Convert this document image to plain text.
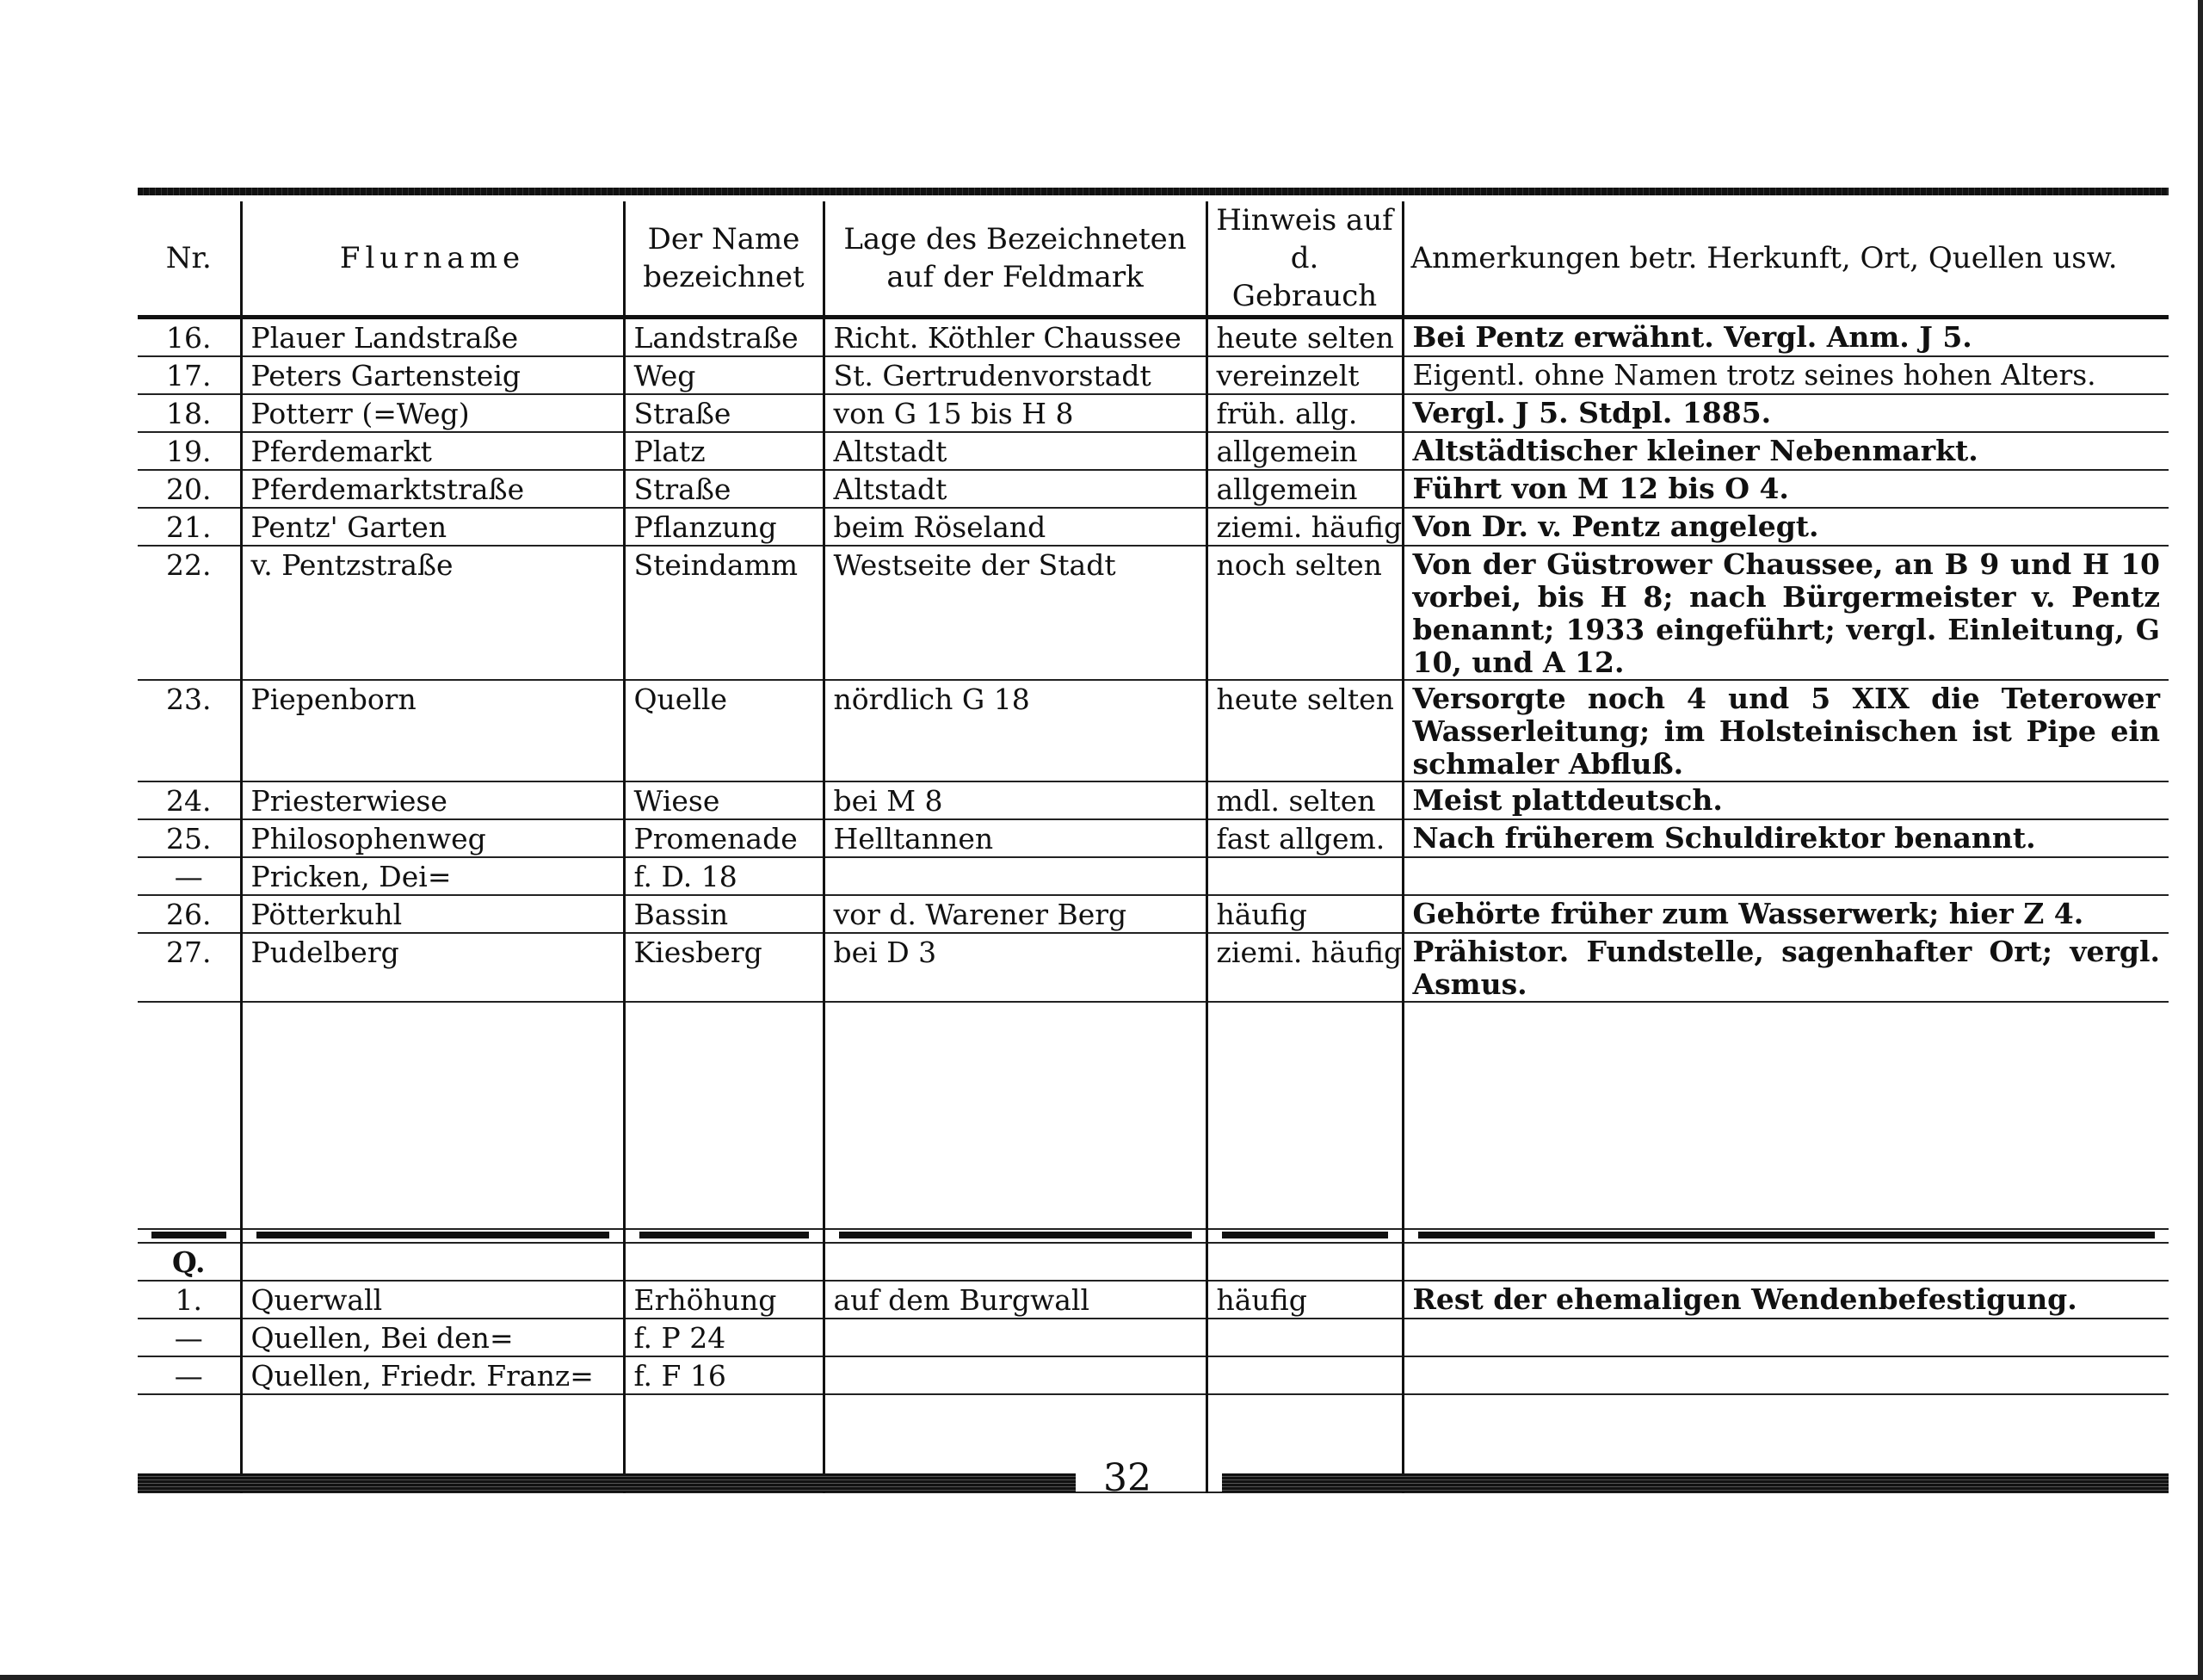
Nr.	Flurname	Der Name bezeichnet	Lage des Bezeichneten auf der Feldmark	Hinweis auf d. Gebrauch	Anmerkungen betr. Herkunft, Ort, Quellen usw.
16.	Plauer Landstraße	Landstraße	Richt. Köthler Chaussee	heute selten	Bei Pentz erwähnt. Vergl. Anm. J 5.
17.	Peters Gartensteig	Weg	St. Gertrudenvorstadt	vereinzelt	Eigentl. ohne Namen trotz seines hohen Alters.
18.	Potterr (=Weg)	Straße	von G 15 bis H 8	früh. allg.	Vergl. J 5. Stdpl. 1885.
19.	Pferdemarkt	Platz	Altstadt	allgemein	Altstädtischer kleiner Nebenmarkt.
20.	Pferdemarktstraße	Straße	Altstadt	allgemein	Führt von M 12 bis O 4.
21.	Pentz' Garten	Pflanzung	beim Röseland	ziemi. häufig	Von Dr. v. Pentz angelegt.
22.	v. Pentzstraße	Steindamm	Westseite der Stadt	noch selten	Von der Güstrower Chaussee, an B 9 und H 10 vorbei, bis H 8; nach Bürgermeister v. Pentz benannt; 1933 eingeführt; vergl. Einleitung, G 10, und A 12.
23.	Piepenborn	Quelle	nördlich G 18	heute selten	Versorgte noch 4 und 5 XIX die Teterower Wasserleitung; im Holsteinischen ist Pipe ein schmaler Abfluß.
24.	Priesterwiese	Wiese	bei M 8	mdl. selten	Meist plattdeutsch.
25.	Philosophenweg	Promenade	Helltannen	fast allgem.	Nach früherem Schuldirektor benannt.
—	Pricken, Dei=	f. D. 18			
26.	Pötterkuhl	Bassin	vor d. Warener Berg	häufig	Gehörte früher zum Wasserwerk; hier Z 4.
27.	Pudelberg	Kiesberg	bei D 3	ziemi. häufig	Prähistor. Fundstelle, sagenhafter Ort; vergl. Asmus.

Q.					
1.	Querwall	Erhöhung	auf dem Burgwall	häufig	Rest der ehemaligen Wendenbefestigung.
—	Quellen, Bei den=	f. P 24			
—	Quellen, Friedr. Franz=	f. F 16			

32
